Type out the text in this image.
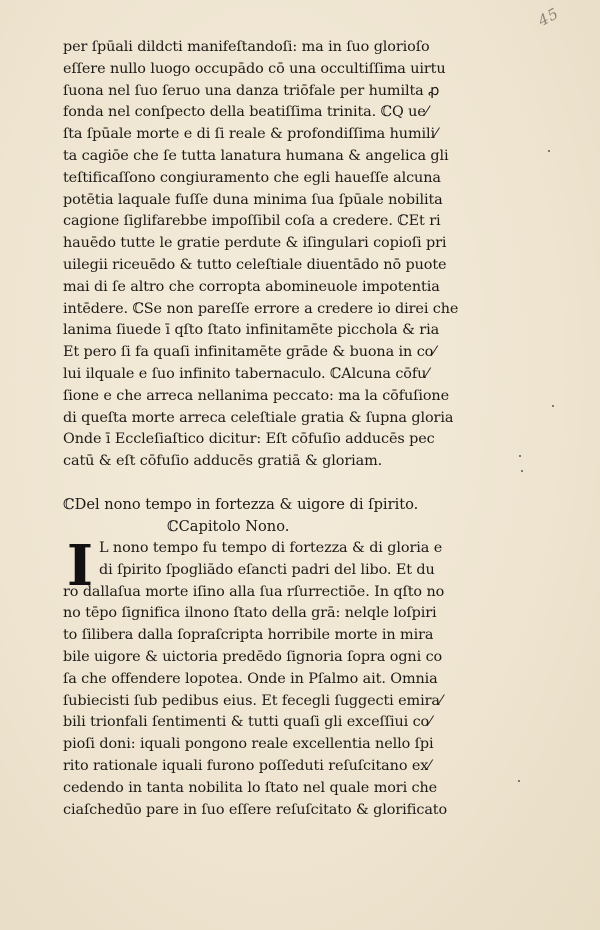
45
per ſpūali dildcti manifeſtandoſi: ma in ſuo glorioſo
eſſere nullo luogo occupādo cō una occultiſſima uirtu
ſuona nel ſuo ſeruo una danza triōfale per humilta ꝓ
fonda nel conſpecto della beatiſſima trinita. ℂQ ue⁄
ſta ſpūale morte e di ſi reale & profondiſſima humili⁄
ta cagiōe che ſe tutta lanatura humana & angelica gli
teſtificaſſono congiuramento che egli haueſſe alcuna
potētia laquale fuſſe duna minima ſua ſpūale nobilita
cagione ſiglifarebbe impoſſibil coſa a credere. ℂEt ri
hauēdo tutte le gratie perdute & iſingulari copioſi pri
uilegii riceuēdo & tutto celeſtiale diuentādo nō puote
mai di ſe altro che corropta abomineuole impotentia
intēdere. ℂSe non pareſſe errore a credere io direi che
lanima ſiuede ī qſto ſtato infinitamēte picchola & ria
Et pero ſi fa quaſi infinitamēte grāde & buona in co⁄
lui ilquale e ſuo infinito tabernaculo. ℂAlcuna cōfu⁄
ſione e che arreca nellanima peccato: ma la cōfuſione
di queſta morte arreca celeſtiale gratia & ſupna gloria
Onde ī Eccleſiaſtico dicitur: Eſt cōfuſio adducēs pec
catū & eſt cōfuſio adducēs gratiā & gloriam.
ℂDel nono tempo in fortezza & uigore di ſpirito.
ℂCapitolo Nono.
I L nono tempo fu tempo di fortezza & di gloria e
di ſpirito ſpogliādo eſancti padri del libo. Et du
ro dallaſua morte iſino alla ſua rſurrectiōe. In qſto no
no tēpo ſignifica ilnono ſtato della grā: nelqle loſpiri
to ſilibera dalla ſopraſcripta horribile morte in mira
bile uigore & uictoria predēdo ſignoria ſopra ogni co
ſa che offendere lopotea. Onde in Pſalmo ait. Omnia
ſubiecisti ſub pedibus eius. Et fecegli ſuggecti emira⁄
bili trionfali ſentimenti & tutti quaſi gli exceſſiui co⁄
pioſi doni: iquali pongono reale excellentia nello ſpi
rito rationale iquali furono poſſeduti reſuſcitano ex⁄
cedendo in tanta nobilita lo ſtato nel quale mori che
ciaſchedūo pare in ſuo eſſere reſuſcitato & glorificato
